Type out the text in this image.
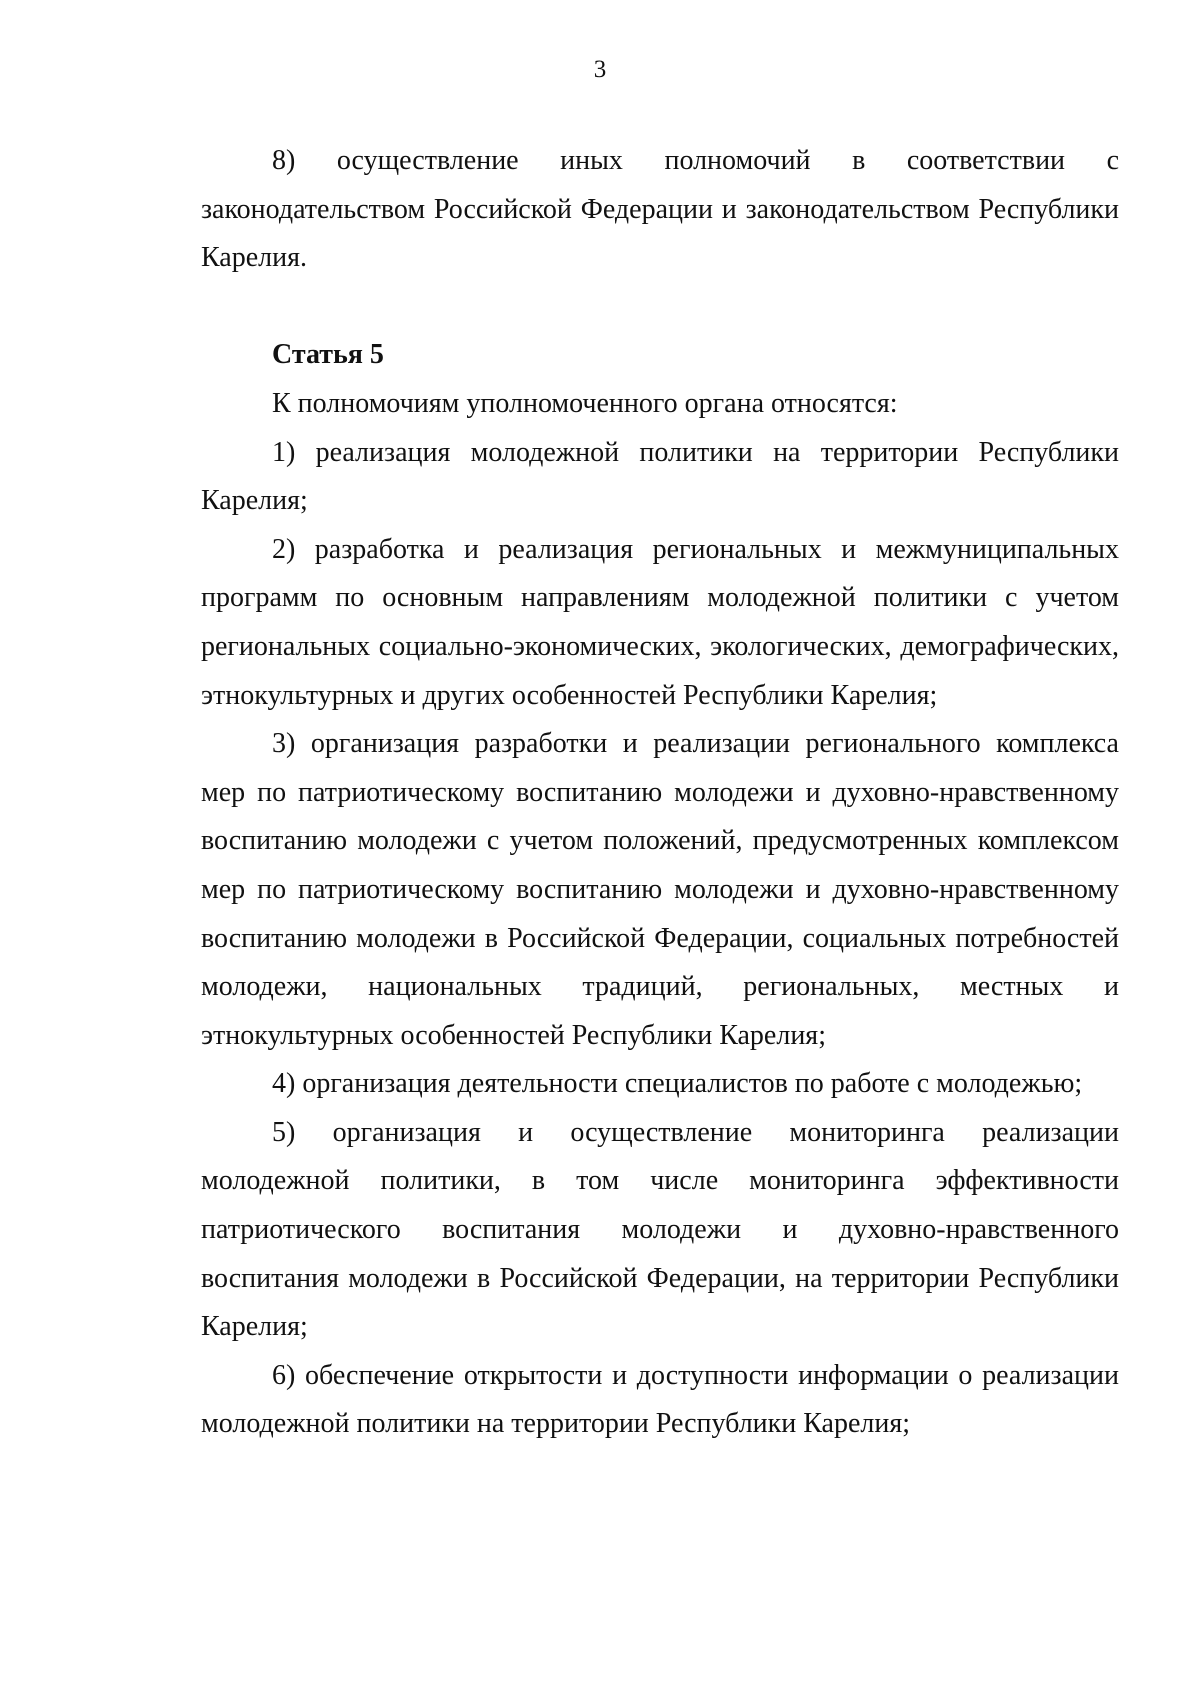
3

8) осуществление иных полномочий в соответствии с законодательством Российской Федерации и законодательством Республики Карелия.

Статья 5

К полномочиям уполномоченного органа относятся:

1) реализация молодежной политики на территории Республики Карелия;

2) разработка и реализация региональных и межмуниципальных программ по основным направлениям молодежной политики с учетом региональных социально-экономических, экологических, демографических, этнокультурных и других особенностей Республики Карелия;

3) организация разработки и реализации регионального комплекса мер по патриотическому воспитанию молодежи и духовно-нравственному воспитанию молодежи с учетом положений, предусмотренных комплексом мер по патриотическому воспитанию молодежи и духовно-нравственному воспитанию молодежи в Российской Федерации, социальных потребностей молодежи, национальных традиций, региональных, местных и этнокультурных особенностей Республики Карелия;

4) организация деятельности специалистов по работе с молодежью;

5) организация и осуществление мониторинга реализации молодежной политики, в том числе мониторинга эффективности патриотического воспитания молодежи и духовно-нравственного воспитания молодежи в Российской Федерации, на территории Республики Карелия;

6) обеспечение открытости и доступности информации о реализации молодежной политики на территории Республики Карелия;
